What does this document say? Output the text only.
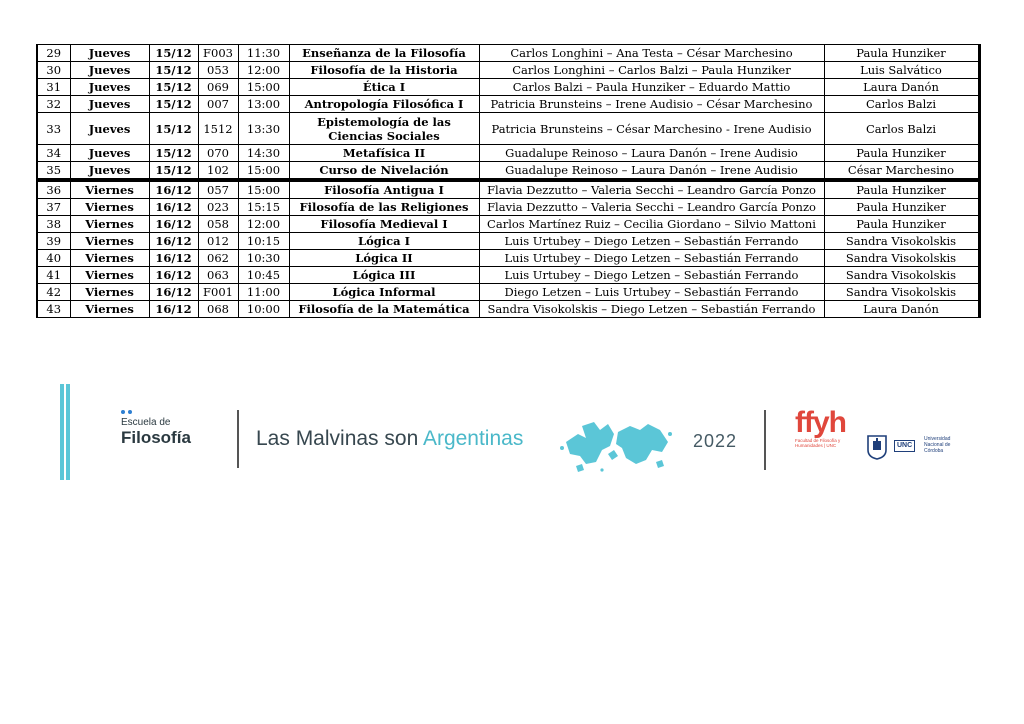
29	Jueves	15/12	F003	11:30	Enseñanza de la Filosofía	Carlos Longhini – Ana Testa – César Marchesino	Paula Hunziker
30	Jueves	15/12	053	12:00	Filosofía de la Historia	Carlos Longhini – Carlos Balzi – Paula Hunziker	Luis Salvático
31	Jueves	15/12	069	15:00	Ética I	Carlos Balzi – Paula Hunziker – Eduardo Mattio	Laura Danón
32	Jueves	15/12	007	13:00	Antropología Filosófica I	Patricia Brunsteins – Irene Audisio – César Marchesino	Carlos Balzi
33	Jueves	15/12	1512	13:30	Epistemología de las Ciencias Sociales	Patricia Brunsteins – César Marchesino - Irene Audisio	Carlos Balzi
34	Jueves	15/12	070	14:30	Metafísica II	Guadalupe Reinoso – Laura Danón – Irene Audisio	Paula Hunziker
35	Jueves	15/12	102	15:00	Curso de Nivelación	Guadalupe Reinoso – Laura Danón – Irene Audisio	César Marchesino
36	Viernes	16/12	057	15:00	Filosofía Antigua I	Flavia Dezzutto – Valeria Secchi – Leandro García Ponzo	Paula Hunziker
37	Viernes	16/12	023	15:15	Filosofía de las Religiones	Flavia Dezzutto – Valeria Secchi – Leandro García Ponzo	Paula Hunziker
38	Viernes	16/12	058	12:00	Filosofía Medieval I	Carlos Martínez Ruiz – Cecilia Giordano – Silvio Mattoni	Paula Hunziker
39	Viernes	16/12	012	10:15	Lógica I	Luis Urtubey – Diego Letzen – Sebastián Ferrando	Sandra Visokolskis
40	Viernes	16/12	062	10:30	Lógica II	Luis Urtubey – Diego Letzen – Sebastián Ferrando	Sandra Visokolskis
41	Viernes	16/12	063	10:45	Lógica III	Luis Urtubey – Diego Letzen – Sebastián Ferrando	Sandra Visokolskis
42	Viernes	16/12	F001	11:00	Lógica Informal	Diego Letzen – Luis Urtubey – Sebastián Ferrando	Sandra Visokolskis
43	Viernes	16/12	068	10:00	Filosofía de la Matemática	Sandra Visokolskis – Diego Letzen – Sebastián Ferrando	Laura Danón
Escuela de
Filosofía	Las Malvinas son Argentinas	2022
ffyh
Facultad de Filosofía y Humanidades | UNC	UNC
Universidad Nacional de Córdoba
